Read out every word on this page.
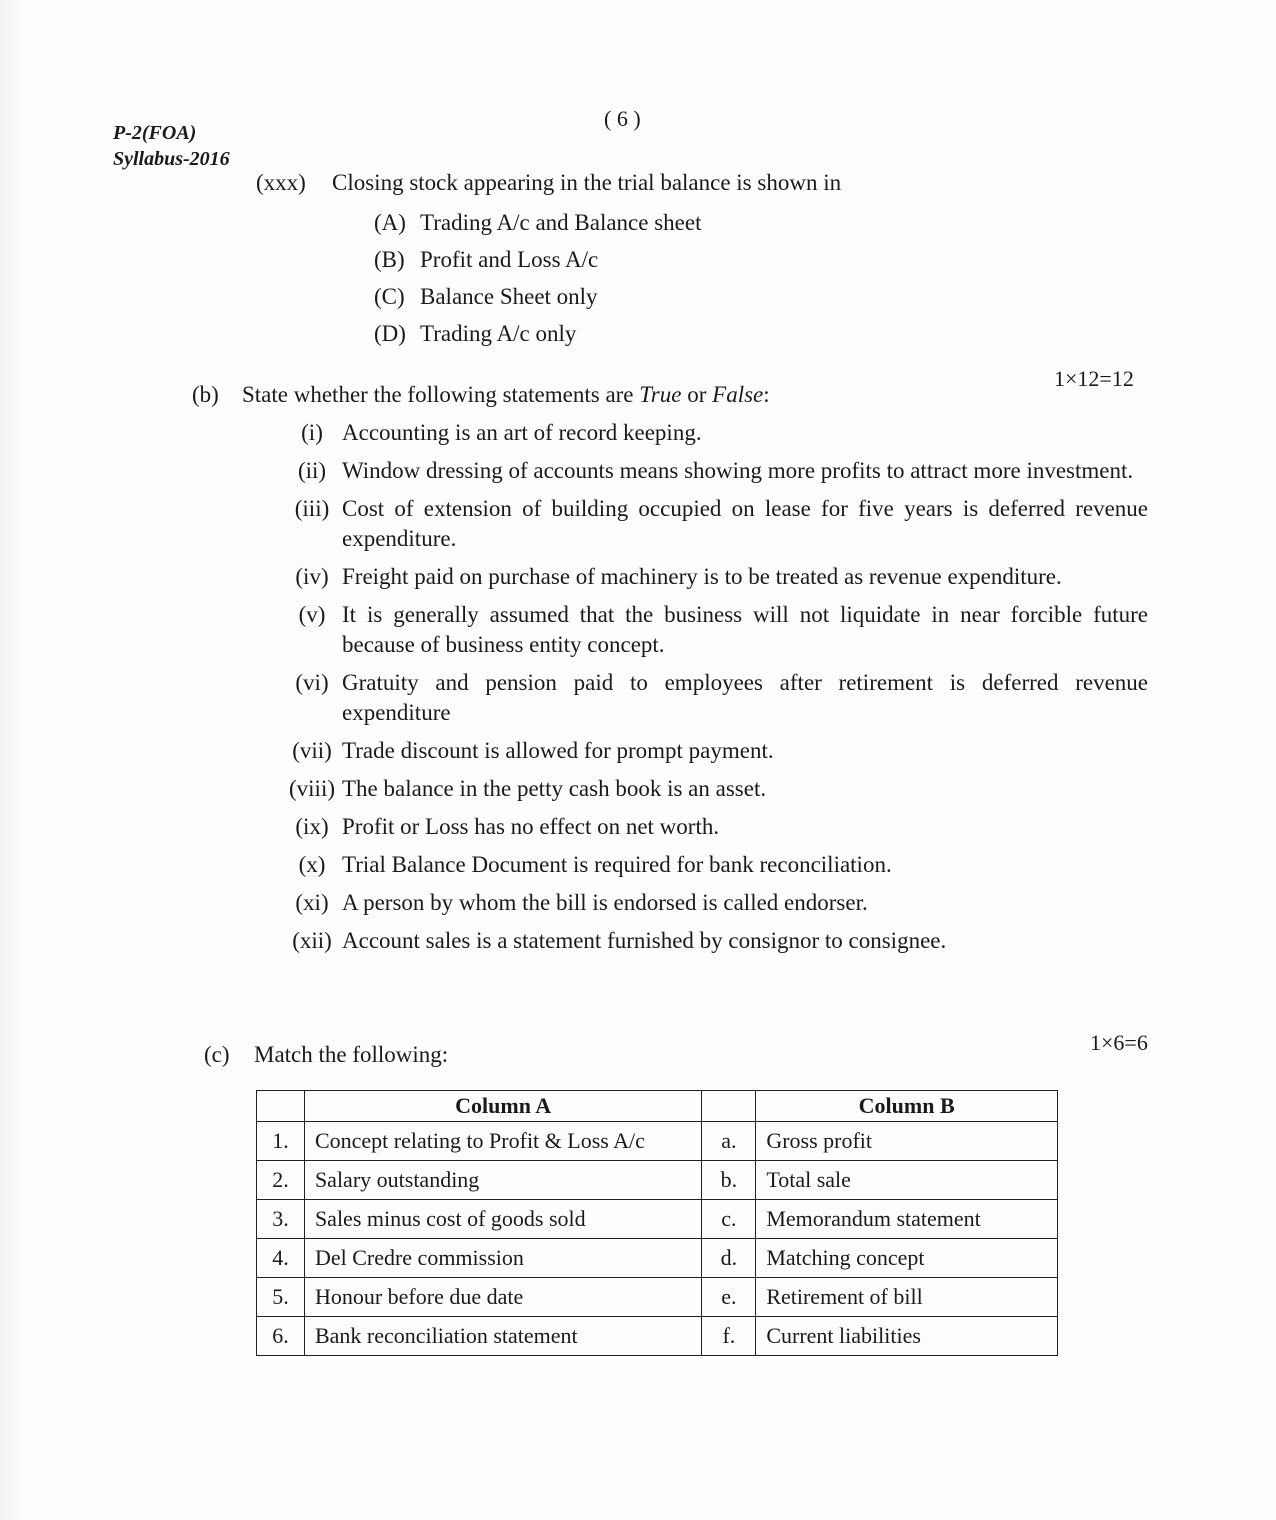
( 6 )
P-2(FOA)
Syllabus-2016
(xxx) Closing stock appearing in the trial balance is shown in
(A) Trading A/c and Balance sheet
(B) Profit and Loss A/c
(C) Balance Sheet only
(D) Trading A/c only
(b) State whether the following statements are True or False:
1×12=12
(i) Accounting is an art of record keeping.
(ii) Window dressing of accounts means showing more profits to attract more investment.
(iii) Cost of extension of building occupied on lease for five years is deferred revenue expenditure.
(iv) Freight paid on purchase of machinery is to be treated as revenue expenditure.
(v) It is generally assumed that the business will not liquidate in near forcible future because of business entity concept.
(vi) Gratuity and pension paid to employees after retirement is deferred revenue expenditure
(vii) Trade discount is allowed for prompt payment.
(viii) The balance in the petty cash book is an asset.
(ix) Profit or Loss has no effect on net worth.
(x) Trial Balance Document is required for bank reconciliation.
(xi) A person by whom the bill is endorsed is called endorser.
(xii) Account sales is a statement furnished by consignor to consignee.
(c) Match the following:	1×6=6
	Column A		Column B
1.	Concept relating to Profit & Loss A/c	a.	Gross profit
2.	Salary outstanding	b.	Total sale
3.	Sales minus cost of goods sold	c.	Memorandum statement
4.	Del Credre commission	d.	Matching concept
5.	Honour before due date	e.	Retirement of bill
6.	Bank reconciliation statement	f.	Current liabilities
